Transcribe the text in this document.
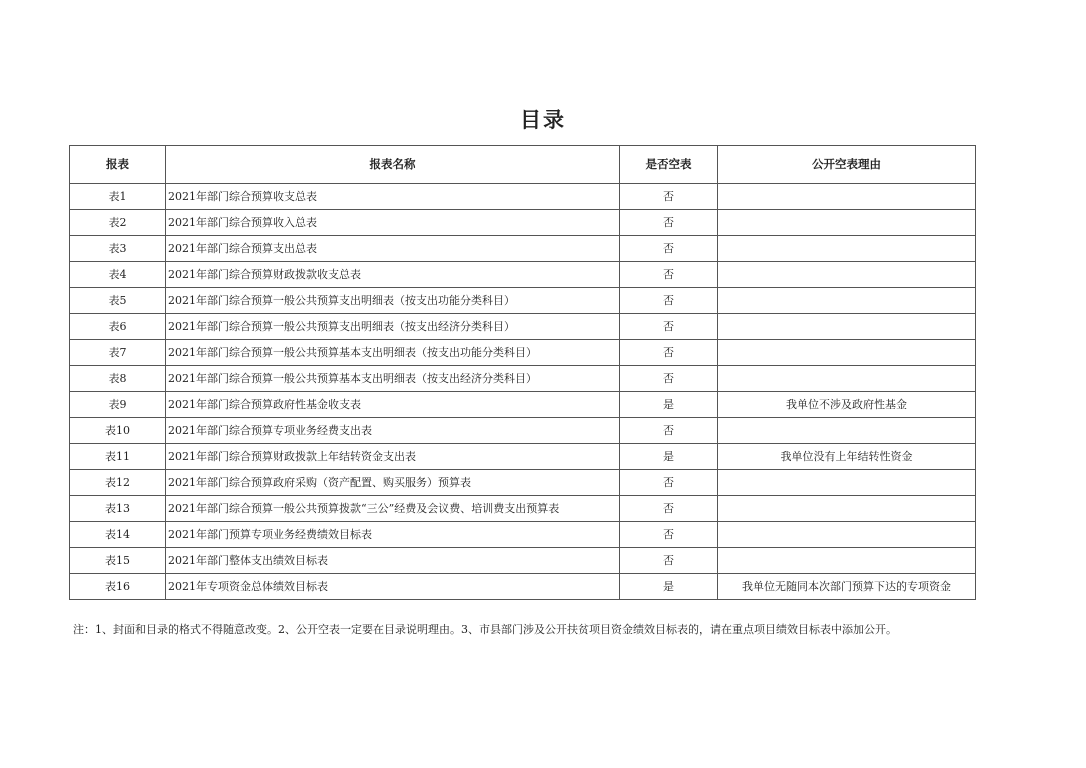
目录
报表	报表名称	是否空表	公开空表理由
表1	2021年部门综合预算收支总表	否	
表2	2021年部门综合预算收入总表	否	
表3	2021年部门综合预算支出总表	否	
表4	2021年部门综合预算财政拨款收支总表	否	
表5	2021年部门综合预算一般公共预算支出明细表（按支出功能分类科目）	否	
表6	2021年部门综合预算一般公共预算支出明细表（按支出经济分类科目）	否	
表7	2021年部门综合预算一般公共预算基本支出明细表（按支出功能分类科目）	否	
表8	2021年部门综合预算一般公共预算基本支出明细表（按支出经济分类科目）	否	
表9	2021年部门综合预算政府性基金收支表	是	我单位不涉及政府性基金
表10	2021年部门综合预算专项业务经费支出表	否	
表11	2021年部门综合预算财政拨款上年结转资金支出表	是	我单位没有上年结转性资金
表12	2021年部门综合预算政府采购（资产配置、购买服务）预算表	否	
表13	2021年部门综合预算一般公共预算拨款“三公”经费及会议费、培训费支出预算表	否	
表14	2021年部门预算专项业务经费绩效目标表	否	
表15	2021年部门整体支出绩效目标表	否	
表16	2021年专项资金总体绩效目标表	是	我单位无随同本次部门预算下达的专项资金
注：1、封面和目录的格式不得随意改变。2、公开空表一定要在目录说明理由。3、市县部门涉及公开扶贫项目资金绩效目标表的，请在重点项目绩效目标表中添加公开。
